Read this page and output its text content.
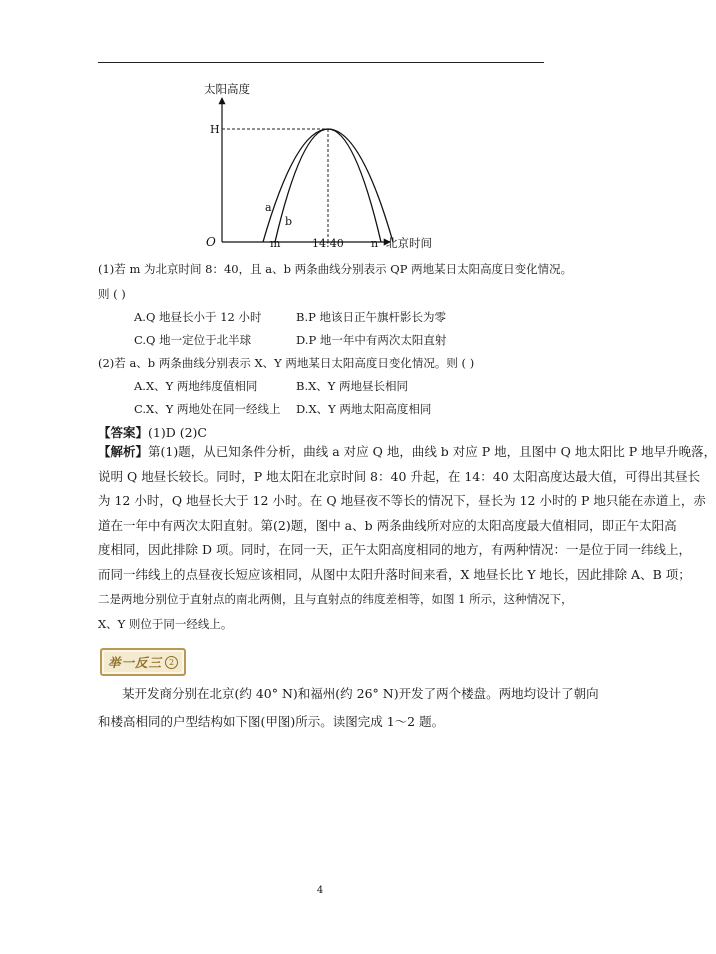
太阳高度
北京时间
O
H
m	14:40 n
a
b
(1)若 m 为北京时间 8：40，且 a、b 两条曲线分别表示 QP 两地某日太阳高度日变化情况。
则 ( )
A.Q 地昼长小于 12 小时	B.P 地该日正午旗杆影长为零
C.Q 地一定位于北半球	D.P 地一年中有两次太阳直射
(2)若 a、b 两条曲线分别表示 X、Y 两地某日太阳高度日变化情况。则 ( )
A.X、Y 两地纬度值相同	B.X、Y 两地昼长相同
C.X、Y 两地处在同一经线上 D.X、Y 两地太阳高度相同
【答案】(1)D (2)C

【解析】第(1)题，从已知条件分析，曲线 a 对应 Q 地，曲线 b 对应 P 地，且图中 Q 地太阳比 P 地早升晚落，

说明 Q 地昼长较长。同时，P 地太阳在北京时间 8：40 升起，在 14：40 太阳高度达最大值，可得出其昼长

为 12 小时，Q 地昼长大于 12 小时。在 Q 地昼夜不等长的情况下，昼长为 12 小时的 P 地只能在赤道上，赤

道在一年中有两次太阳直射。第(2)题，图中 a、b 两条曲线所对应的太阳高度最大值相同，即正午太阳高

度相同，因此排除 D 项。同时，在同一天，正午太阳高度相同的地方，有两种情况：一是位于同一纬线上，

而同一纬线上的点昼夜长短应该相同，从图中太阳升落时间来看，X 地昼长比 Y 地长，因此排除 A、B 项；

二是两地分别位于直射点的南北两侧，且与直射点的纬度差相等，如图 1 所示，这种情况下，

X、Y 则位于同一经线上。

举一反三 2

某开发商分别在北京(约 40° N)和福州(约 26° N)开发了两个楼盘。两地均设计了朝向

和楼高相同的户型结构如下图(甲图)所示。读图完成 1～2 题。

4
